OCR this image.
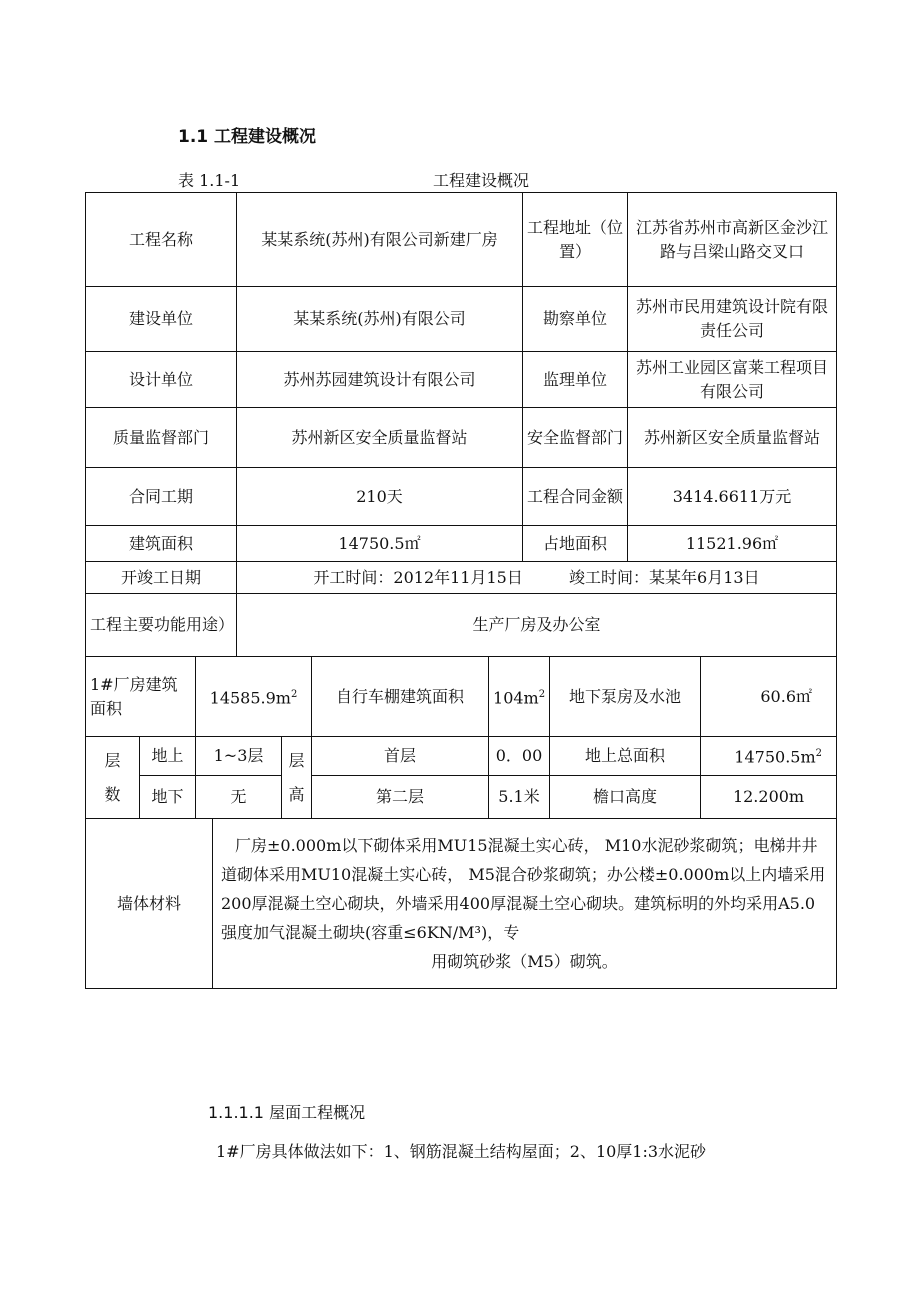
1.1 工程建设概况
表 1.1-1	工程建设概况
工程名称	某某系统(苏州)有限公司新建厂房	工程地址（位置）	江苏省苏州市高新区金沙江路与吕梁山路交叉口
建设单位	某某系统(苏州)有限公司	勘察单位	苏州市民用建筑设计院有限责任公司
设计单位	苏州苏园建筑设计有限公司	监理单位	苏州工业园区富莱工程项目有限公司
质量监督部门	苏州新区安全质量监督站	安全监督部门	苏州新区安全质量监督站
合同工期	210天	工程合同金额	3414.6611万元
建筑面积	14750.5㎡	占地面积	11521.96㎡
开竣工日期	开工时间：2012年11月15日 竣工时间：某某年6月13日		
工程主要功能用途）	生产厂房及办公室		
1#厂房建筑面积		$14585.9m^2$		自行车棚建筑面积	$104m^2$	地下泵房及水池	60.6㎡

层数	地上	1~3层	层高	首层	0．00	地上总面积	$14750.5m^2$
	地下	无		第二层	5.1米	檐口高度	12.200m
墙体材料	厂房±0.000m以下砌体采用MU15混凝土实心砖， M10水泥砂浆砌筑；电梯井井道砌体采用MU10混凝土实心砖， M5混合砂浆砌筑；办公楼±0.000m以上内墙采用200厚混凝土空心砌块，外墙采用400厚混凝土空心砌块。建筑标明的外均采用A5.0强度加气混凝土砌块(容重≤6KN/M³)，专
用砌筑砂浆（M5）砌筑。
1.1.1.1 屋面工程概况
1#厂房具体做法如下：1、钢筋混凝土结构屋面；2、10厚1:3水泥砂
